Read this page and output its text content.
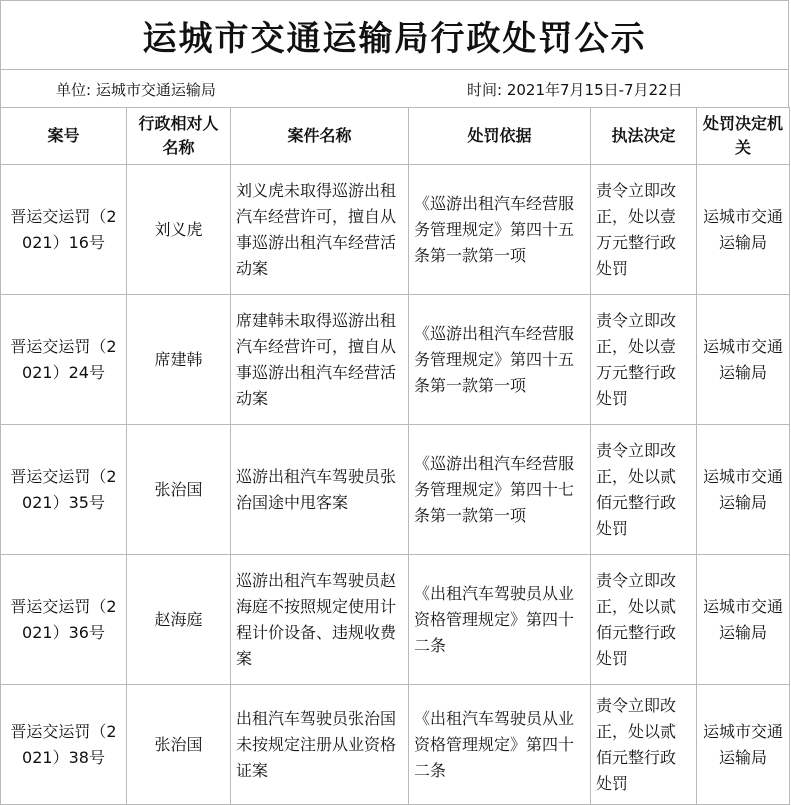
运城市交通运输局行政处罚公示
单位: 运城市交通运输局	时间: 2021年7月15日-7月22日
案号	行政相对人名称	案件名称	处罚依据	执法决定	处罚决定机关
晋运交运罚（2021）16号	刘义虎	刘义虎未取得巡游出租汽车经营许可，擅自从事巡游出租汽车经营活动案	《巡游出租汽车经营服务管理规定》第四十五条第一款第一项	责令立即改正，处以壹万元整行政处罚	运城市交通运输局
晋运交运罚（2021）24号	席建韩	席建韩未取得巡游出租汽车经营许可，擅自从事巡游出租汽车经营活动案	《巡游出租汽车经营服务管理规定》第四十五条第一款第一项	责令立即改正，处以壹万元整行政处罚	运城市交通运输局
晋运交运罚（2021）35号	张治国	巡游出租汽车驾驶员张治国途中甩客案	《巡游出租汽车经营服务管理规定》第四十七条第一款第一项	责令立即改正，处以贰佰元整行政处罚	运城市交通运输局
晋运交运罚（2021）36号	赵海庭	巡游出租汽车驾驶员赵海庭不按照规定使用计程计价设备、违规收费案	《出租汽车驾驶员从业资格管理规定》第四十二条	责令立即改正，处以贰佰元整行政处罚	运城市交通运输局
晋运交运罚（2021）38号	张治国	出租汽车驾驶员张治国未按规定注册从业资格证案	《出租汽车驾驶员从业资格管理规定》第四十二条	责令立即改正，处以贰佰元整行政处罚	运城市交通运输局
